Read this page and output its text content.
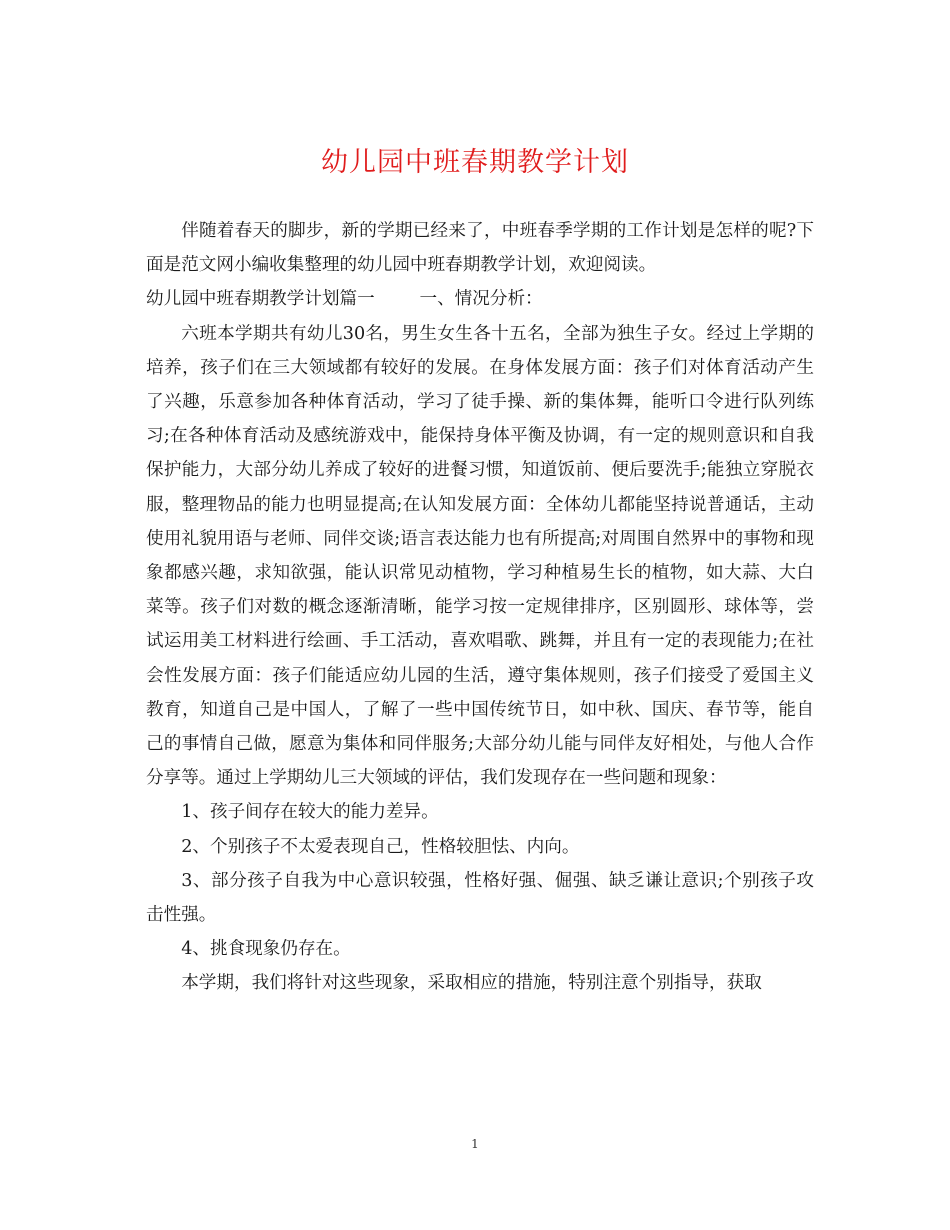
幼儿园中班春期教学计划

伴随着春天的脚步，新的学期已经来了，中班春季学期的工作计划是怎样的呢?下面是范文网小编收集整理的幼儿园中班春期教学计划，欢迎阅读。

幼儿园中班春期教学计划篇一	一、情况分析：

六班本学期共有幼儿30名，男生女生各十五名，全部为独生子女。经过上学期的培养，孩子们在三大领域都有较好的发展。在身体发展方面：孩子们对体育活动产生了兴趣，乐意参加各种体育活动，学习了徒手操、新的集体舞，能听口令进行队列练习;在各种体育活动及感统游戏中，能保持身体平衡及协调，有一定的规则意识和自我保护能力，大部分幼儿养成了较好的进餐习惯，知道饭前、便后要洗手;能独立穿脱衣服，整理物品的能力也明显提高;在认知发展方面：全体幼儿都能坚持说普通话，主动使用礼貌用语与老师、同伴交谈;语言表达能力也有所提高;对周围自然界中的事物和现象都感兴趣，求知欲强，能认识常见动植物，学习种植易生长的植物，如大蒜、大白菜等。孩子们对数的概念逐渐清晰，能学习按一定规律排序，区别圆形、球体等，尝试运用美工材料进行绘画、手工活动，喜欢唱歌、跳舞，并且有一定的表现能力;在社会性发展方面：孩子们能适应幼儿园的生活，遵守集体规则，孩子们接受了爱国主义教育，知道自己是中国人，了解了一些中国传统节日，如中秋、国庆、春节等，能自己的事情自己做，愿意为集体和同伴服务;大部分幼儿能与同伴友好相处，与他人合作分享等。通过上学期幼儿三大领域的评估，我们发现存在一些问题和现象：

1、孩子间存在较大的能力差异。

2、个别孩子不太爱表现自己，性格较胆怯、内向。

3、部分孩子自我为中心意识较强，性格好强、倔强、缺乏谦让意识;个别孩子攻击性强。

4、挑食现象仍存在。

本学期，我们将针对这些现象，采取相应的措施，特别注意个别指导，获取

1
